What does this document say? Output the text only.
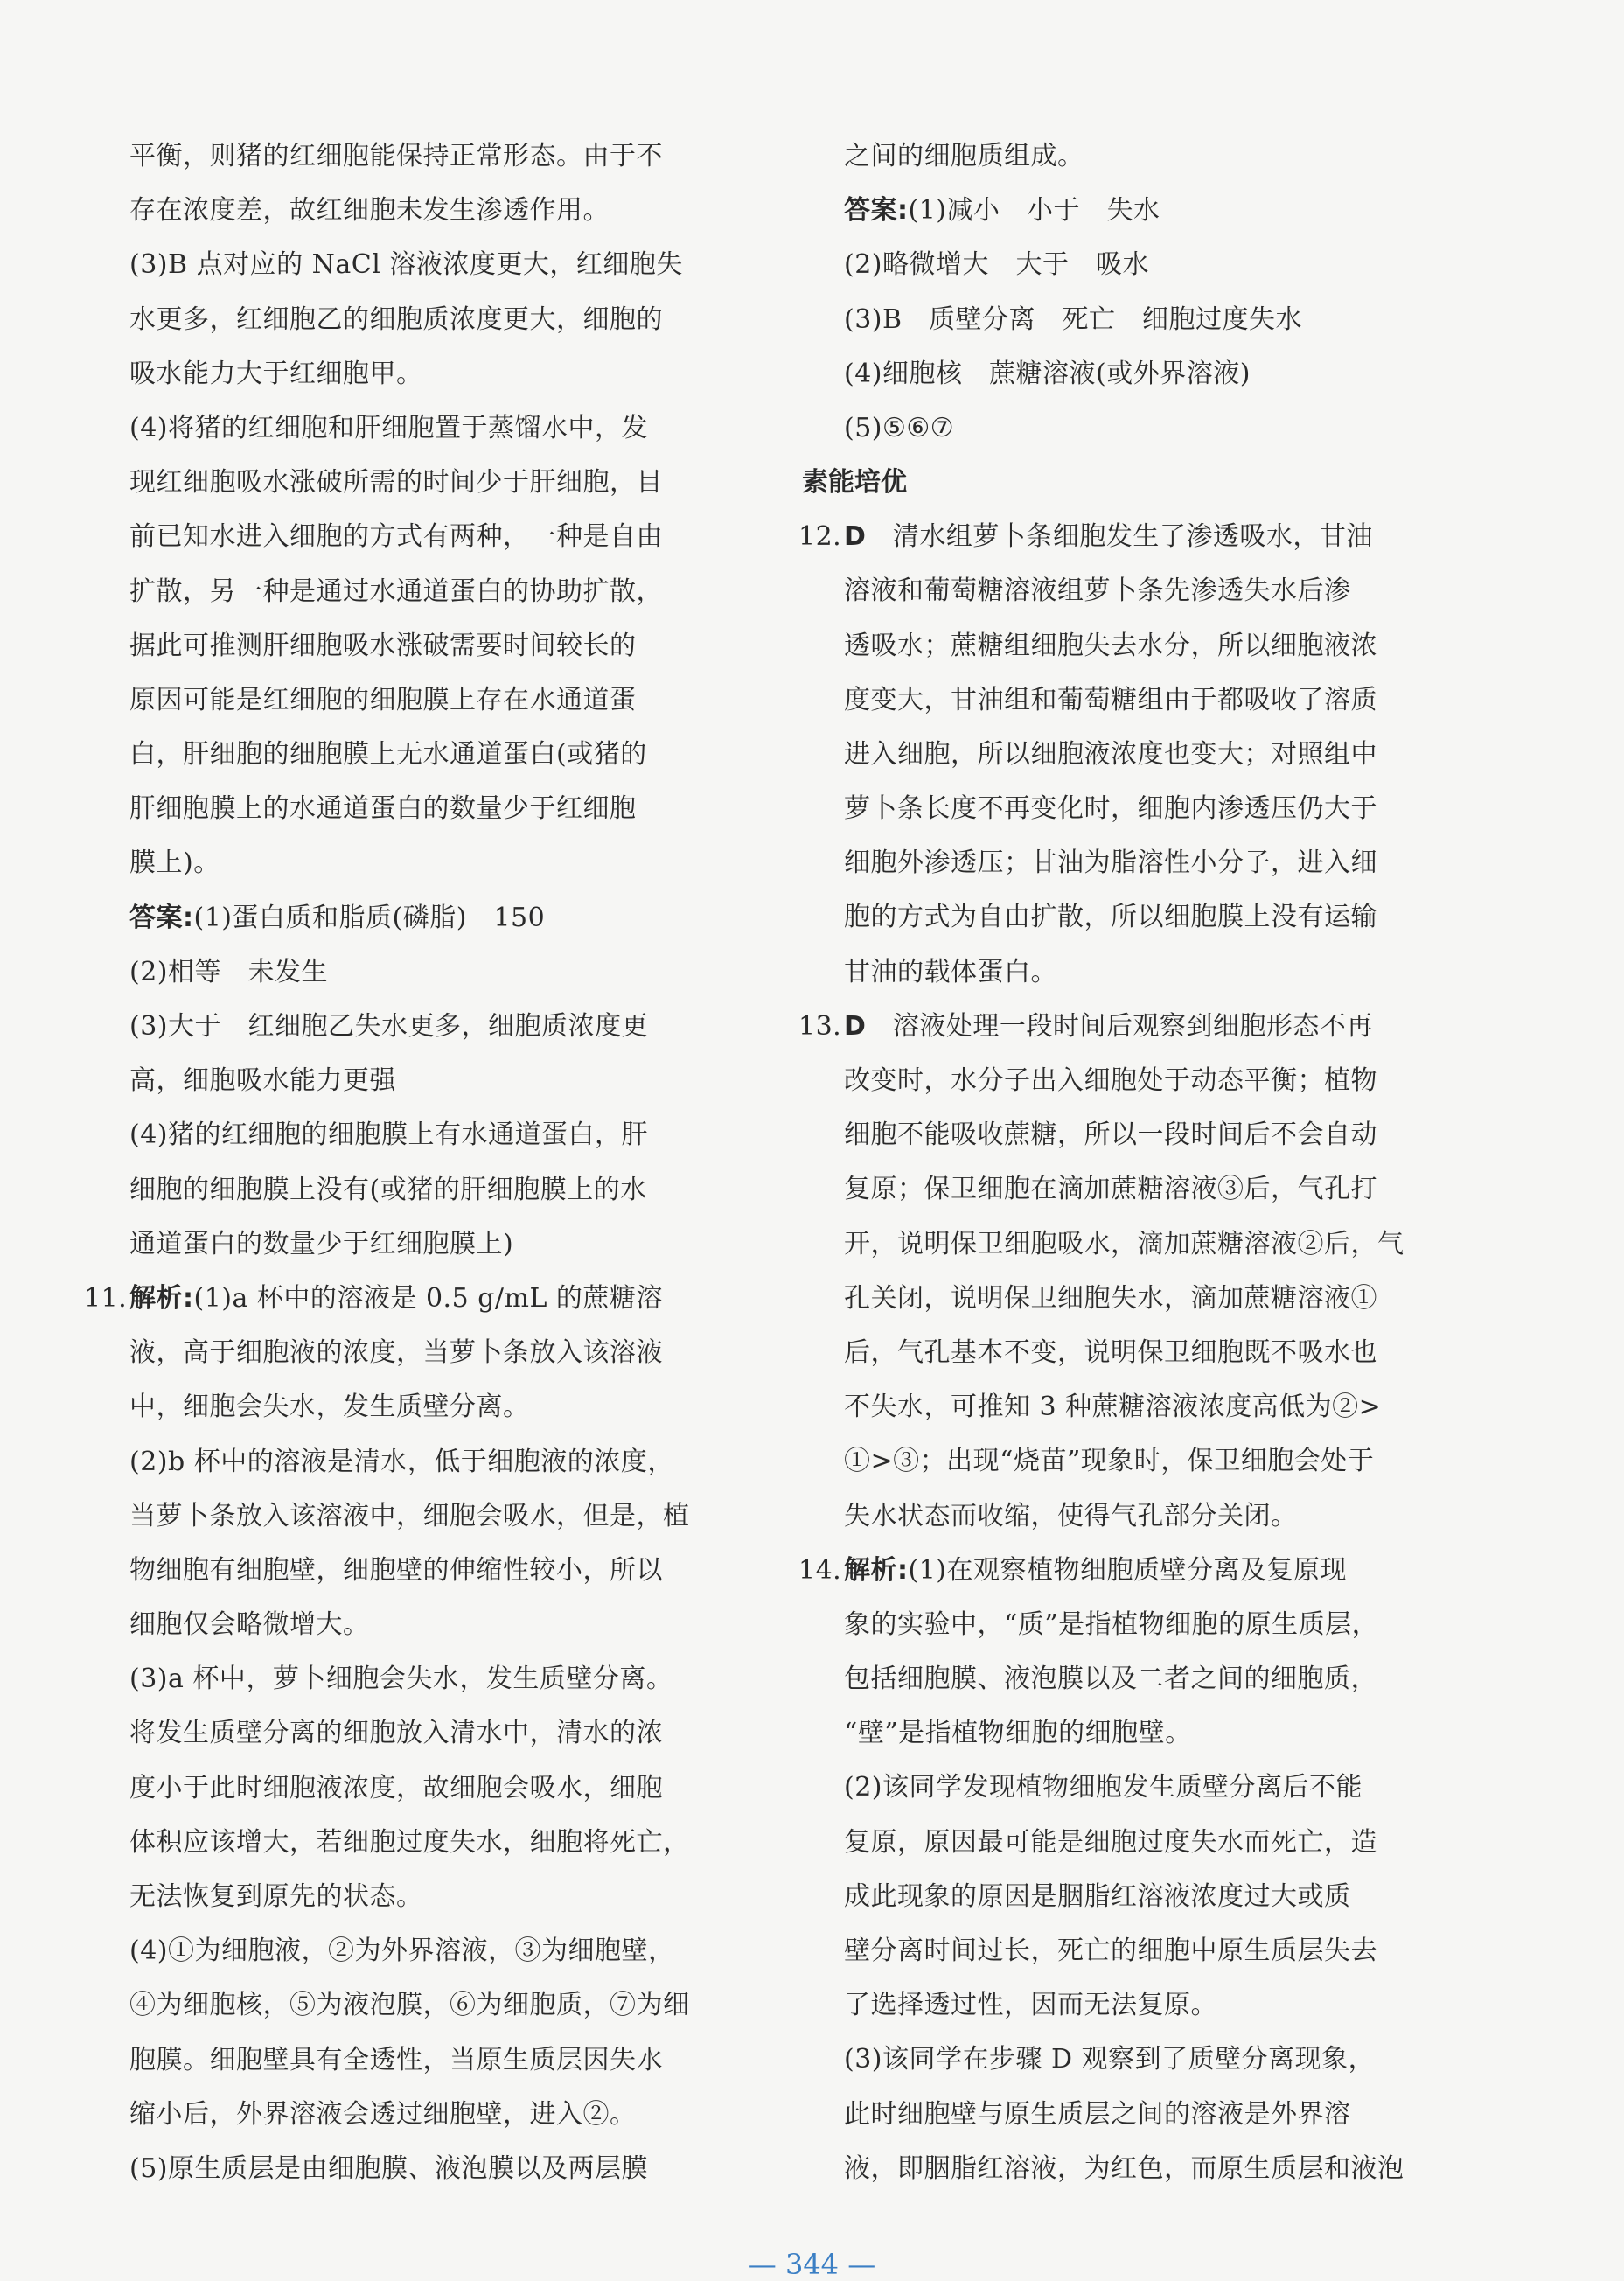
平衡，则猪的红细胞能保持正常形态。由于不
存在浓度差，故红细胞未发生渗透作用。
(3)B 点对应的 NaCl 溶液浓度更大，红细胞失
水更多，红细胞乙的细胞质浓度更大，细胞的
吸水能力大于红细胞甲。
(4)将猪的红细胞和肝细胞置于蒸馏水中，发
现红细胞吸水涨破所需的时间少于肝细胞，目
前已知水进入细胞的方式有两种，一种是自由
扩散，另一种是通过水通道蛋白的协助扩散，
据此可推测肝细胞吸水涨破需要时间较长的
原因可能是红细胞的细胞膜上存在水通道蛋
白，肝细胞的细胞膜上无水通道蛋白(或猪的
肝细胞膜上的水通道蛋白的数量少于红细胞
膜上)。
答案:(1)蛋白质和脂质(磷脂)　150
(2)相等　未发生
(3)大于　红细胞乙失水更多，细胞质浓度更
高，细胞吸水能力更强
(4)猪的红细胞的细胞膜上有水通道蛋白，肝
细胞的细胞膜上没有(或猪的肝细胞膜上的水
通道蛋白的数量少于红细胞膜上)
11. 解析:(1)a 杯中的溶液是 0.5 g/mL 的蔗糖溶
液，高于细胞液的浓度，当萝卜条放入该溶液
中，细胞会失水，发生质壁分离。
(2)b 杯中的溶液是清水，低于细胞液的浓度，
当萝卜条放入该溶液中，细胞会吸水，但是，植
物细胞有细胞壁，细胞壁的伸缩性较小，所以
细胞仅会略微增大。
(3)a 杯中，萝卜细胞会失水，发生质壁分离。
将发生质壁分离的细胞放入清水中，清水的浓
度小于此时细胞液浓度，故细胞会吸水，细胞
体积应该增大，若细胞过度失水，细胞将死亡，
无法恢复到原先的状态。
(4)①为细胞液，②为外界溶液，③为细胞壁，
④为细胞核，⑤为液泡膜，⑥为细胞质，⑦为细
胞膜。细胞壁具有全透性，当原生质层因失水
缩小后，外界溶液会透过细胞壁，进入②。
(5)原生质层是由细胞膜、液泡膜以及两层膜
之间的细胞质组成。
答案:(1)减小　小于　失水
(2)略微增大　大于　吸水
(3)B　质壁分离　死亡　细胞过度失水
(4)细胞核　蔗糖溶液(或外界溶液)
(5)⑤⑥⑦
素能培优
12. D　清水组萝卜条细胞发生了渗透吸水，甘油
溶液和葡萄糖溶液组萝卜条先渗透失水后渗
透吸水；蔗糖组细胞失去水分，所以细胞液浓
度变大，甘油组和葡萄糖组由于都吸收了溶质
进入细胞，所以细胞液浓度也变大；对照组中
萝卜条长度不再变化时，细胞内渗透压仍大于
细胞外渗透压；甘油为脂溶性小分子，进入细
胞的方式为自由扩散，所以细胞膜上没有运输
甘油的载体蛋白。
13. D　溶液处理一段时间后观察到细胞形态不再
改变时，水分子出入细胞处于动态平衡；植物
细胞不能吸收蔗糖，所以一段时间后不会自动
复原；保卫细胞在滴加蔗糖溶液③后，气孔打
开，说明保卫细胞吸水，滴加蔗糖溶液②后，气
孔关闭，说明保卫细胞失水，滴加蔗糖溶液①
后，气孔基本不变，说明保卫细胞既不吸水也
不失水，可推知 3 种蔗糖溶液浓度高低为②>
①>③；出现“烧苗”现象时，保卫细胞会处于
失水状态而收缩，使得气孔部分关闭。
14. 解析:(1)在观察植物细胞质壁分离及复原现
象的实验中，“质”是指植物细胞的原生质层，
包括细胞膜、液泡膜以及二者之间的细胞质，
“壁”是指植物细胞的细胞壁。
(2)该同学发现植物细胞发生质壁分离后不能
复原，原因最可能是细胞过度失水而死亡，造
成此现象的原因是胭脂红溶液浓度过大或质
壁分离时间过长，死亡的细胞中原生质层失去
了选择透过性，因而无法复原。
(3)该同学在步骤 D 观察到了质壁分离现象，
此时细胞壁与原生质层之间的溶液是外界溶
液，即胭脂红溶液，为红色，而原生质层和液泡
— 344 —
